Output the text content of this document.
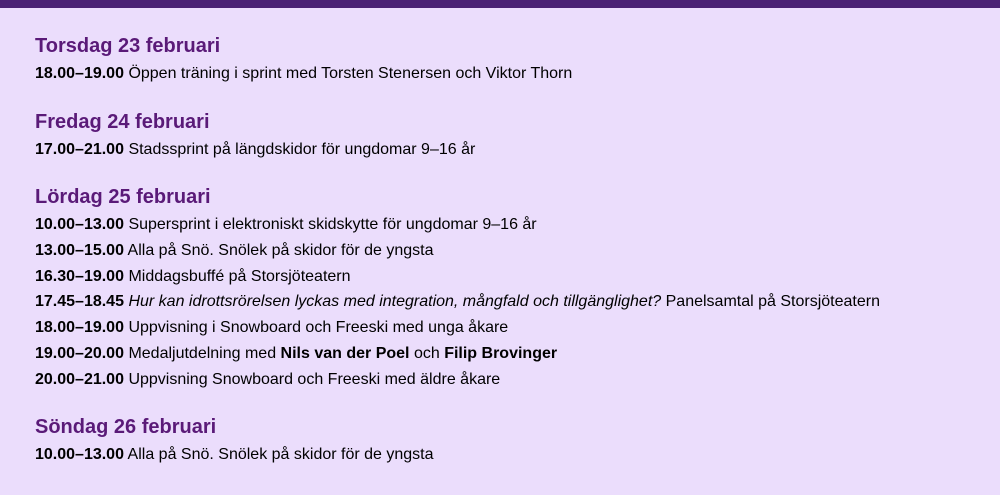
Torsdag 23 februari
18.00–19.00 Öppen träning i sprint med Torsten Stenersen och Viktor Thorn
Fredag 24 februari
17.00–21.00 Stadssprint på längdskidor för ungdomar 9–16 år
Lördag 25 februari
10.00–13.00 Supersprint i elektroniskt skidskytte för ungdomar 9–16 år
13.00–15.00 Alla på Snö. Snölek på skidor för de yngsta
16.30–19.00 Middagsbuffé på Storsjöteatern
17.45–18.45 Hur kan idrottsrörelsen lyckas med integration, mångfald och tillgänglighet? Panelsamtal på Storsjöteatern
18.00–19.00 Uppvisning i Snowboard och Freeski med unga åkare
19.00–20.00 Medaljutdelning med Nils van der Poel och Filip Brovinger
20.00–21.00 Uppvisning Snowboard och Freeski med äldre åkare
Söndag 26 februari
10.00–13.00 Alla på Snö. Snölek på skidor för de yngsta
